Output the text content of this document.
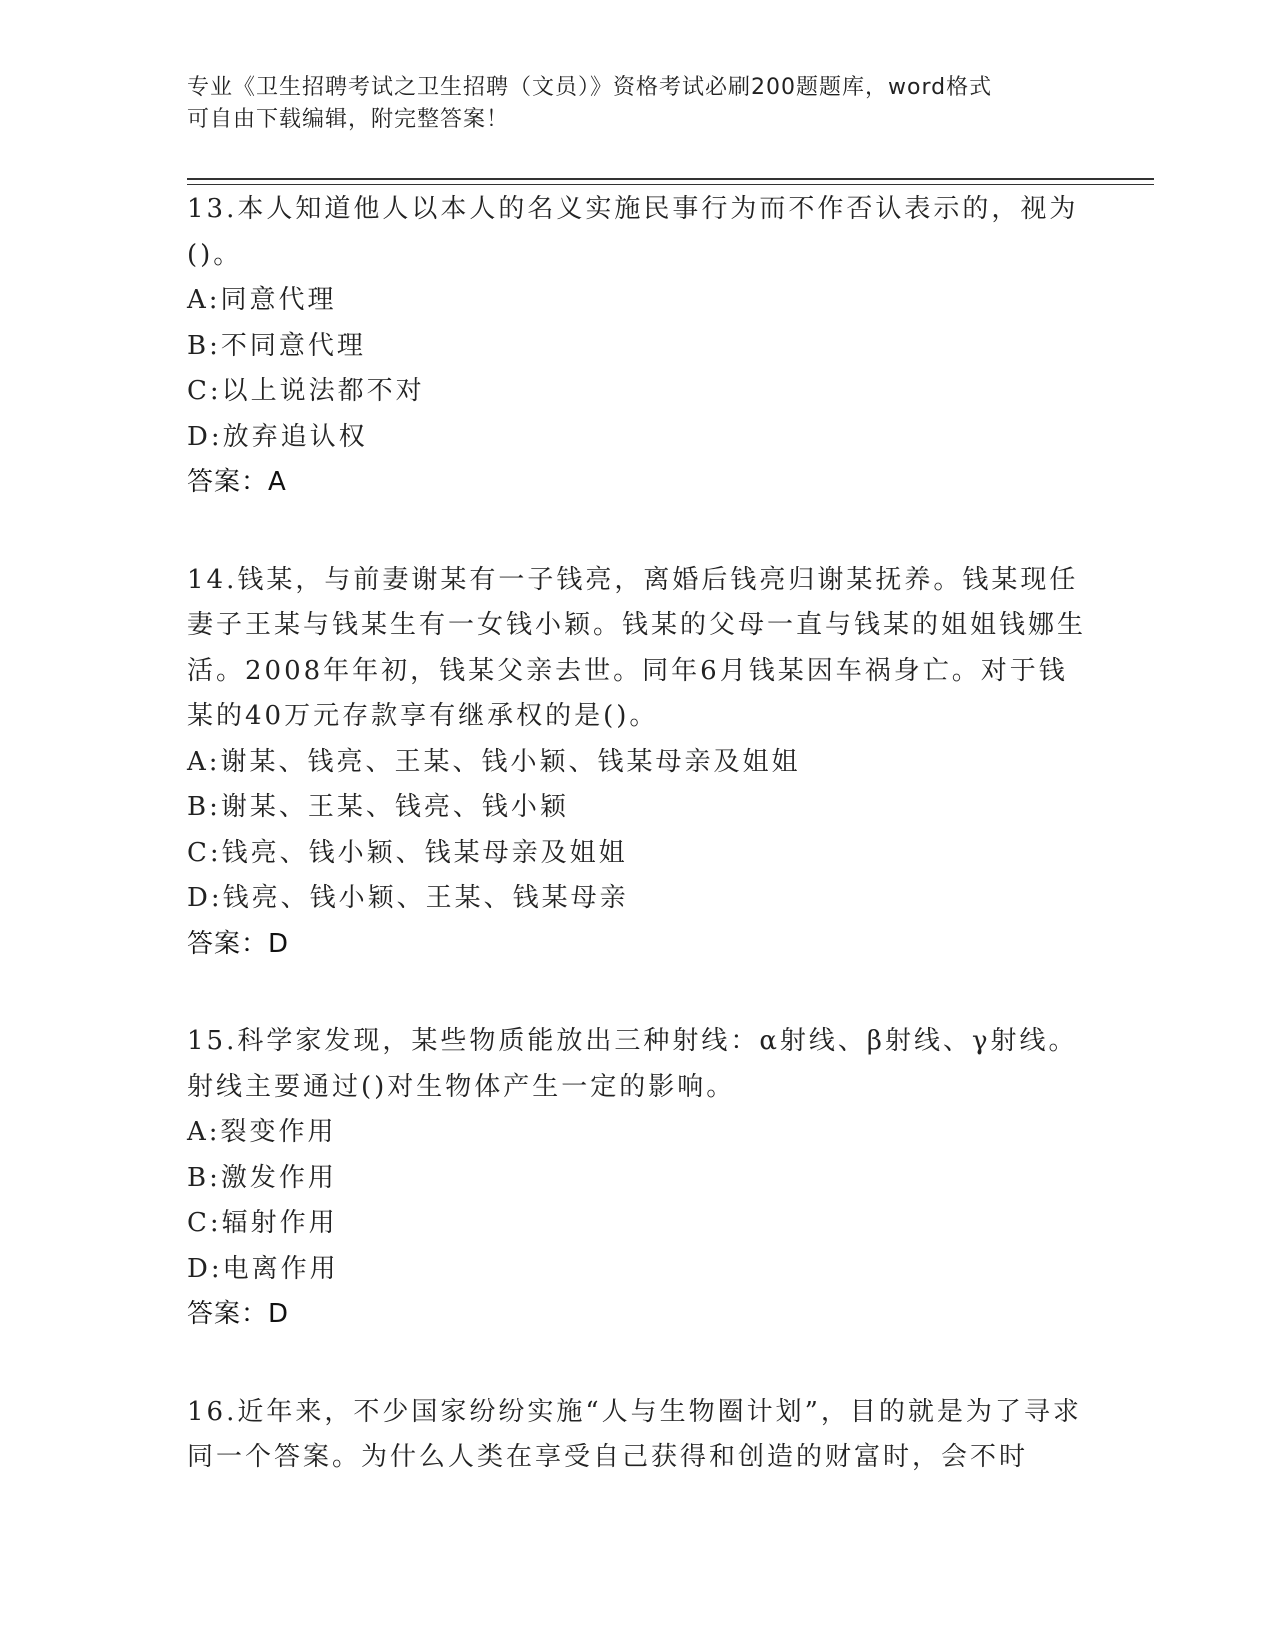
专业《卫生招聘考试之卫生招聘（文员）》资格考试必刷200题题库，word格式
可自由下载编辑，附完整答案！

13.本人知道他人以本人的名义实施民事行为而不作否认表示的，视为()。

A:同意代理

B:不同意代理

C:以上说法都不对

D:放弃追认权

答案：A

14.钱某，与前妻谢某有一子钱亮，离婚后钱亮归谢某抚养。钱某现任妻子王某与钱某生有一女钱小颖。钱某的父母一直与钱某的姐姐钱娜生活。2008年年初，钱某父亲去世。同年6月钱某因车祸身亡。对于钱某的40万元存款享有继承权的是()。

A:谢某、钱亮、王某、钱小颖、钱某母亲及姐姐

B:谢某、王某、钱亮、钱小颖

C:钱亮、钱小颖、钱某母亲及姐姐

D:钱亮、钱小颖、王某、钱某母亲

答案：D

15.科学家发现，某些物质能放出三种射线：α射线、β射线、γ射线。射线主要通过()对生物体产生一定的影响。

A:裂变作用

B:激发作用

C:辐射作用

D:电离作用

答案：D

16.近年来，不少国家纷纷实施“人与生物圈计划”，目的就是为了寻求同一个答案。为什么人类在享受自己获得和创造的财富时，会不时
